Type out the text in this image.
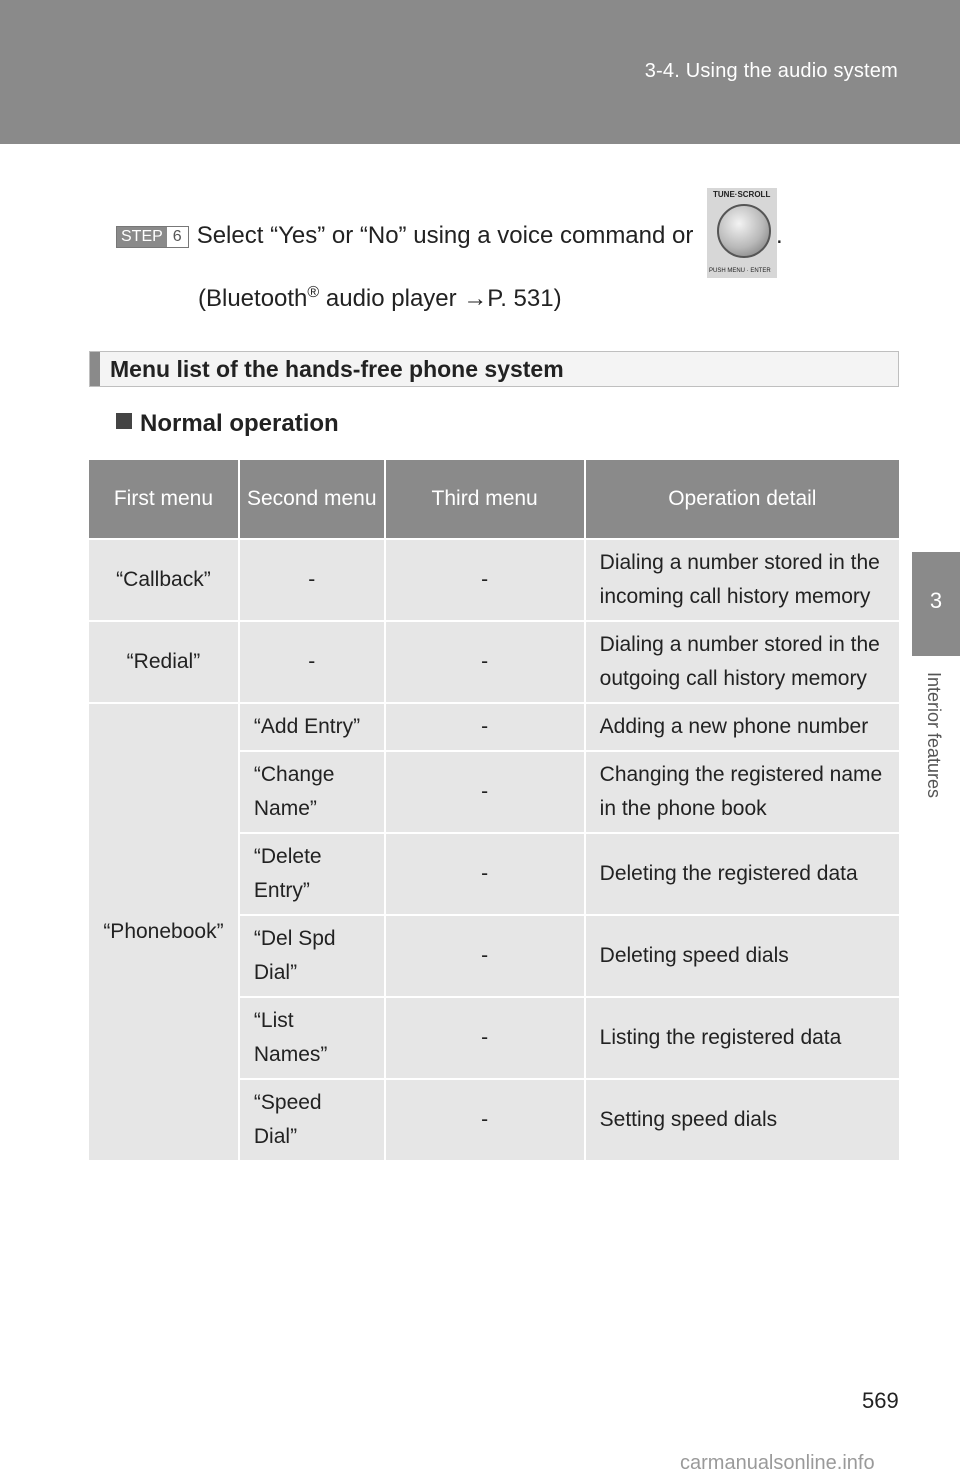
3-4. Using the audio system
3
Interior features
STEP 6 Select “Yes” or “No” using a voice command or
TUNE·SCROLL
PUSH MENU · ENTER
.
(Bluetooth® audio player →P. 531)
Menu list of the hands-free phone system
Normal operation
First menu	Second menu	Third menu	Operation detail
“Callback”	-	-	Dialing a number stored in the incoming call history memory
“Redial”	-	-	Dialing a number stored in the outgoing call history memory
“Phonebook”	“Add Entry”	-	Adding a new phone number
	“Change Name”	-	Changing the registered name in the phone book
	“Delete Entry”	-	Deleting the registered data
	“Del Spd Dial”	-	Deleting speed dials
	“List Names”	-	Listing the registered data
	“Speed Dial”	-	Setting speed dials
569
carmanualsonline.info
